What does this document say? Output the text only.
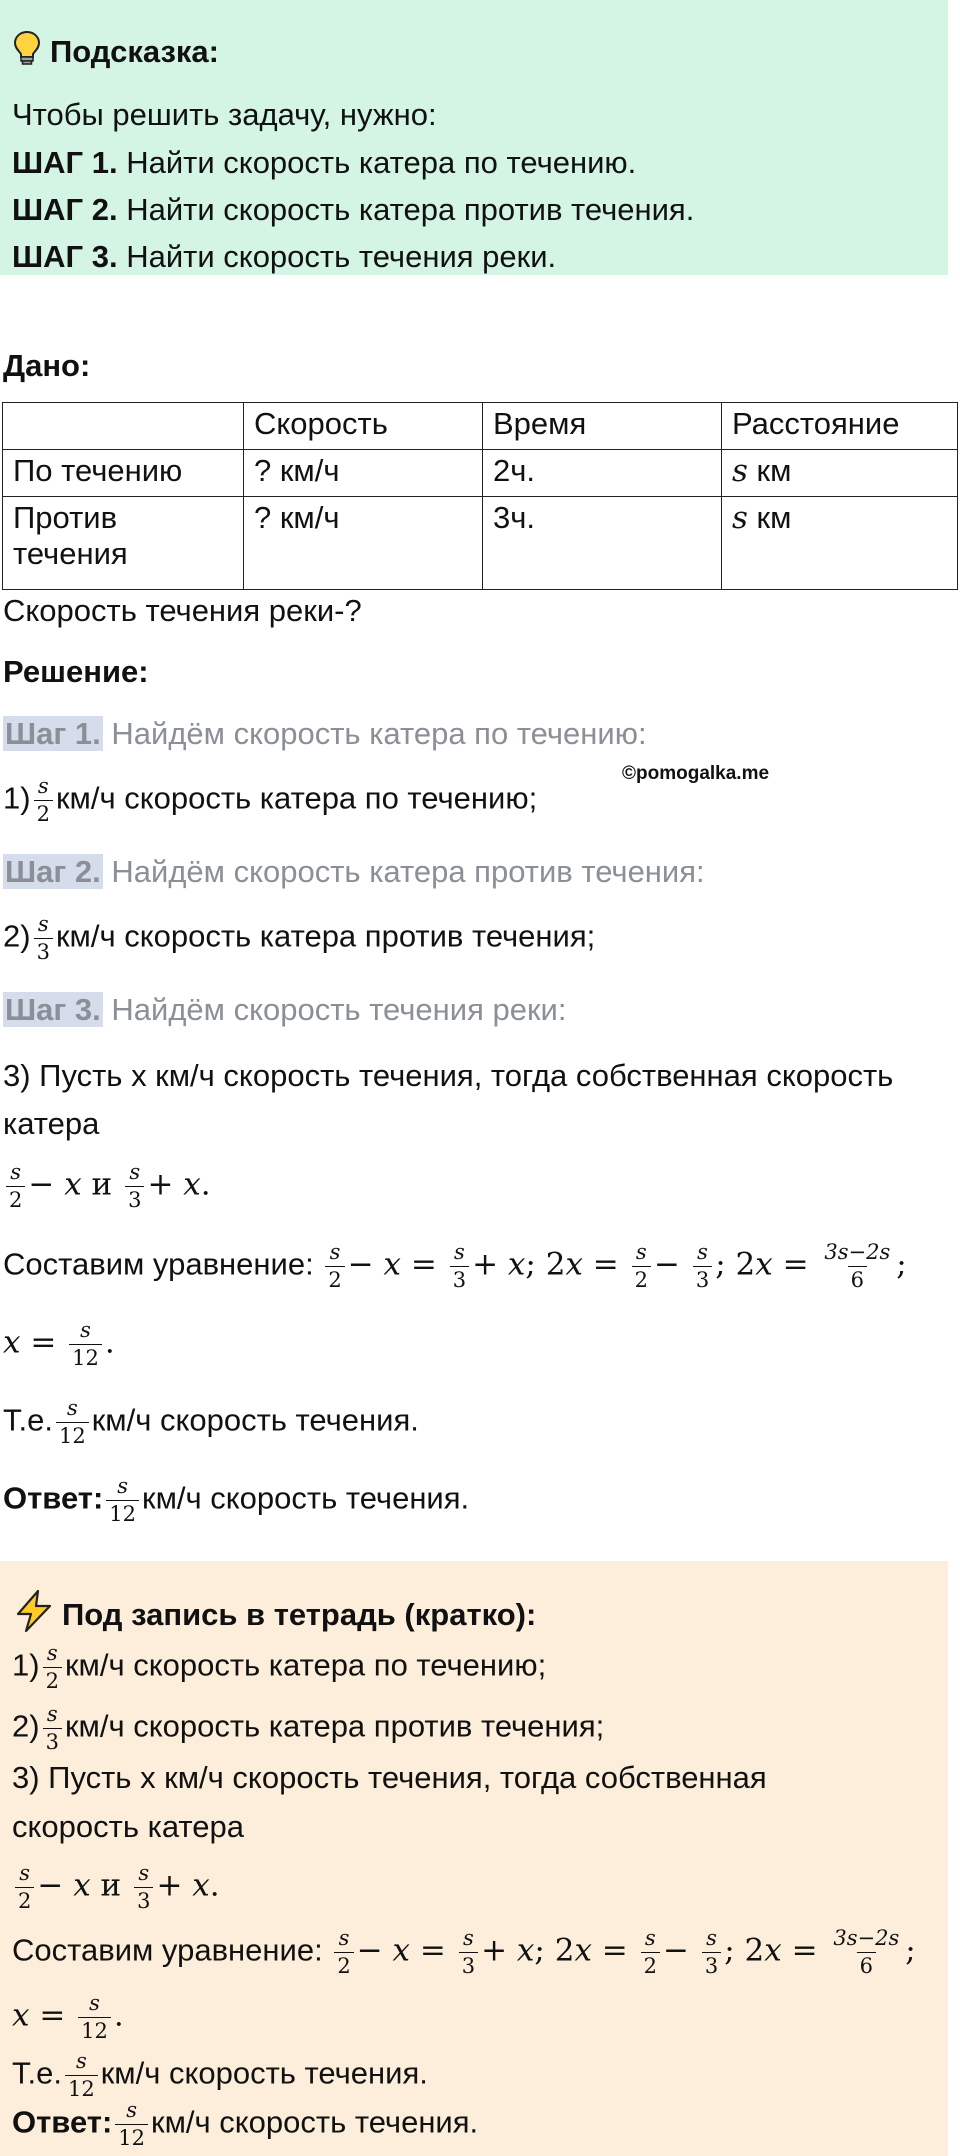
Подсказка:
Чтобы решить задачу, нужно:
ШАГ 1. Найти скорость катера по течению.
ШАГ 2. Найти скорость катера против течения.
ШАГ 3. Найти скорость течения реки.
Дано:
	Скорость	Время	Расстояние
По течению	? км/ч	2ч.	s км
Против течения	? км/ч	3ч.	s км
Скорость течения реки-?
Решение:
Шаг 1. Найдём скорость катера по течению:
©pomogalka.me
$1) \frac{s}{2} км/ч$ скорость катера по течению;
Шаг 2. Найдём скорость катера против течения:
$2) \frac{s}{3} км/ч$ скорость катера против течения;
Шаг 3. Найдём скорость течения реки:
3) Пусть х км/ч скорость течения, тогда собственная скорость
катера
$\frac{s}{2} - x$ и $\frac{s}{3} + x$.
Составим уравнение: $\frac{s}{2} - x = \frac{s}{3} + x$; $2x = \frac{s}{2} - \frac{s}{3}$ ; $2x = \frac{3s-2s}{6}$ ;
$x = \frac{s}{12}$ .
Т.е. $\frac{s}{12} км/ч$ скорость течения.
Ответ: $\frac{s}{12} км/ч$ скорость течения.
Под запись в тетрадь (кратко):
$1) \frac{s}{2} км/ч$ скорость катера по течению;
$2) \frac{s}{3} км/ч$ скорость катера против течения;
3) Пусть х км/ч скорость течения, тогда собственная
скорость катера
$\frac{s}{2} - x$ и $\frac{s}{3} + x$.
Составим уравнение: $\frac{s}{2} - x = \frac{s}{3} + x$; $2x = \frac{s}{2} - \frac{s}{3}$ ; $2x = \frac{3s-2s}{6}$ ;
$x = \frac{s}{12}$ .
Т.е. $\frac{s}{12} км/ч$ скорость течения.
Ответ: $\frac{s}{12} км/ч$ скорость течения.
